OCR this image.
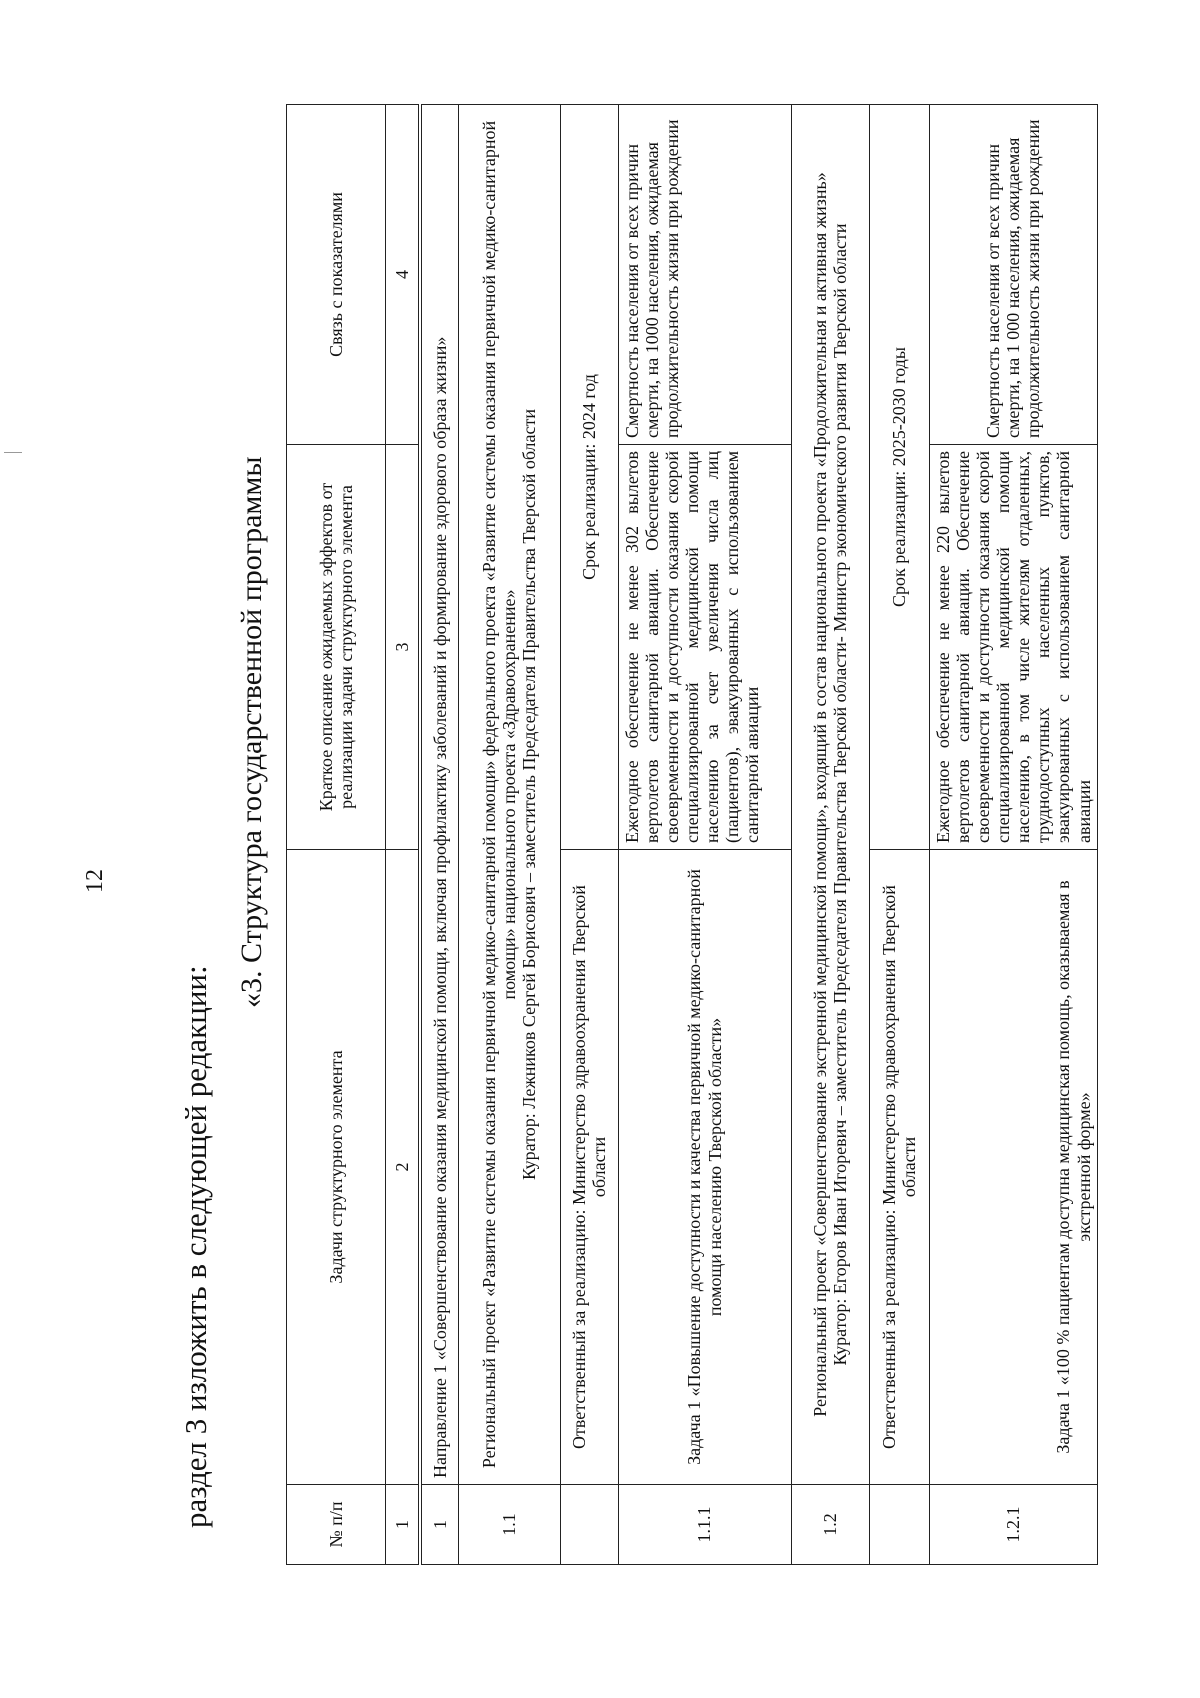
12
раздел 3 изложить в следующей редакции:
«3. Структура государственной программы
№ п/п	Задачи структурного элемента	Краткое описание ожидаемых эффектов от реализации задачи структурного элемента	Связь с показателями
1	2	3	4
1	Направление 1 «Совершенствование оказания медицинской помощи, включая профилактику заболеваний и формирование здорового образа жизни»		
1.1	Региональный проект «Развитие системы оказания первичной медико-санитарной помощи» федерального проекта «Развитие системы оказания первичной медико-санитарной помощи» национального проекта «Здравоохранение» Куратор: Лежников Сергей Борисович – заместитель Председателя Правительства Тверской области		

	Ответственный за реализацию: Министерство здравоохранения Тверской области	Срок реализации: 2024 год	
1.1.1	Задача 1 «Повышение доступности и качества первичной медико-санитарной помощи населению Тверской области»	Ежегодное обеспечение не менее 302 вылетов вертолетов санитарной авиации. Обеспечение своевременности и доступности оказания скорой специализированной медицинской помощи населению за счет увеличения числа лиц (пациентов), эвакуированных с использованием санитарной авиации	Смертность населения от всех причин смерти, на 1000 населения, ожидаемая продолжительность жизни при рождении
1.2	Региональный проект «Совершенствование экстренной медицинской помощи», входящий в состав национального проекта «Продолжительная и активная жизнь» Куратор: Егоров Иван Игоревич – заместитель Председателя Правительства Тверской области- Министр экономического развития Тверской области		

	Ответственный за реализацию: Министерство здравоохранения Тверской области	Срок реализации: 2025-2030 годы	
1.2.1	Задача 1 «100 % пациентам доступна медицинская помощь, оказываемая в экстренной форме»	Ежегодное обеспечение не менее 220 вылетов вертолетов санитарной авиации. Обеспечение своевременности и доступности оказания скорой специализированной медицинской помощи населению, в том числе жителям отдаленных, труднодоступных населенных пунктов, эвакуированных с использованием санитарной авиации	Смертность населения от всех причин смерти, на 1 000 населения, ожидаемая продолжительность жизни при рождении
